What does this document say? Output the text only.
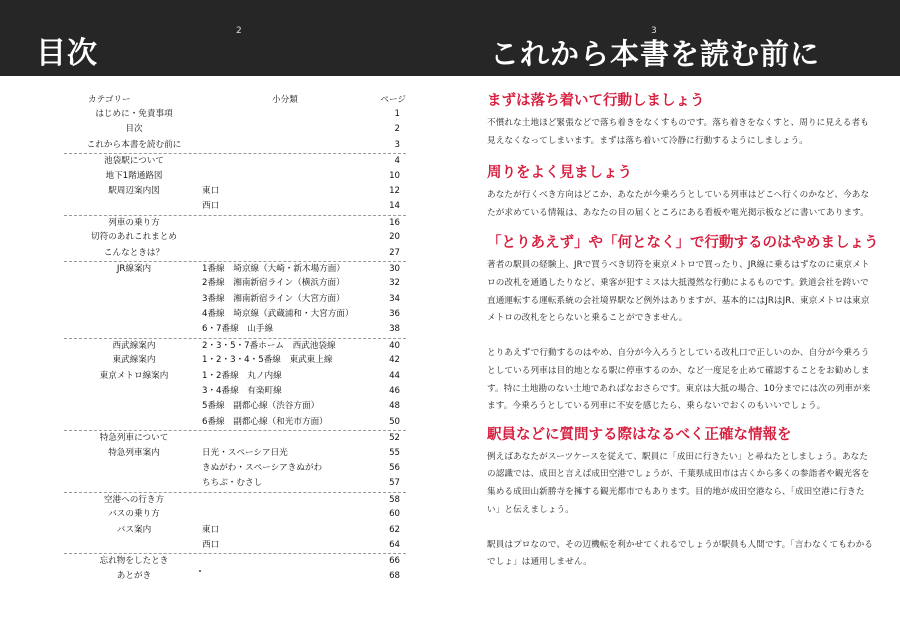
2	3
目次	これから本書を読む前に
カテゴリー	小分類	ページ
はじめに・免責事項	1
目次	2
これから本書を読む前に	3
池袋駅について	4
地下1階通路図	10
駅周辺案内図	東口	12
西口	14
列車の乗り方	16
切符のあれこれまとめ	20
こんなときは？	27
JR線案内	1番線　埼京線（大崎・新木場方面）	30
2番線　湘南新宿ライン（横浜方面）	32
3番線　湘南新宿ライン（大宮方面）	34
4番線　埼京線（武蔵浦和・大宮方面）	36
6・7番線　山手線	38
西武線案内	2・3・5・7番ホーム　西武池袋線	40
東武線案内	1・2・3・4・5番線　東武東上線	42
東京メトロ線案内	1・2番線　丸ノ内線	44
3・4番線　有楽町線	46
5番線　副都心線（渋谷方面）	48
6番線　副都心線（和光市方面）	50
特急列車について	52
特急列車案内	日光・スペーシア日光	55
きぬがわ・スペーシアきぬがわ	56
ちちぶ・むさし	57
空港への行き方	58
バスの乗り方	60
バス案内	東口	62
西口	64
忘れ物をしたとき	66
あとがき	68
まずは落ち着いて行動しましょう
不慣れな土地ほど緊張などで落ち着きをなくすものです。落ち着きをなくすと、周りに見える者も見えなくなってしまいます。まずは落ち着いて冷静に行動するようにしましょう。
周りをよく見ましょう
あなたが行くべき方向はどこか、あなたが今乗ろうとしている列車はどこへ行くのかなど、今あなたが求めている情報は、あなたの目の届くところにある看板や電光掲示板などに書いてあります。
「とりあえず」や「何となく」で行動するのはやめましょう
著者の駅員の経験上、JRで買うべき切符を東京メトロで買ったり、JR線に乗るはずなのに東京メトロの改札を通過したりなど、乗客が犯すミスは大抵漫然な行動によるものです。鉄道会社を跨いで直通運転する運転系統の会社境界駅など例外はありますが、基本的にはJRはJR、東京メトロは東京メトロの改札をとらないと乗ることができません。
とりあえずで行動するのはやめ、自分が今入ろうとしている改札口で正しいのか、自分が今乗ろうとしている列車は目的地となる駅に停車するのか、など一度足を止めて確認することをお勧めします。特に土地勘のない土地であればなおさらです。東京は大抵の場合、10分までには次の列車が来ます。今乗ろうとしている列車に不安を感じたら、乗らないでおくのもいいでしょう。
駅員などに質問する際はなるべく正確な情報を
例えばあなたがスーツケースを従えて、駅員に「成田に行きたい」と尋ねたとしましょう。あなたの認識では、成田と言えば成田空港でしょうが、千葉県成田市は古くから多くの参詣者や観光客を集める成田山新勝寺を擁する観光都市でもあります。目的地が成田空港なら、「成田空港に行きたい」と伝えましょう。
駅員はプロなので、その辺機転を利かせてくれるでしょうが駅員も人間です。「言わなくてもわかるでしょ」は通用しません。
